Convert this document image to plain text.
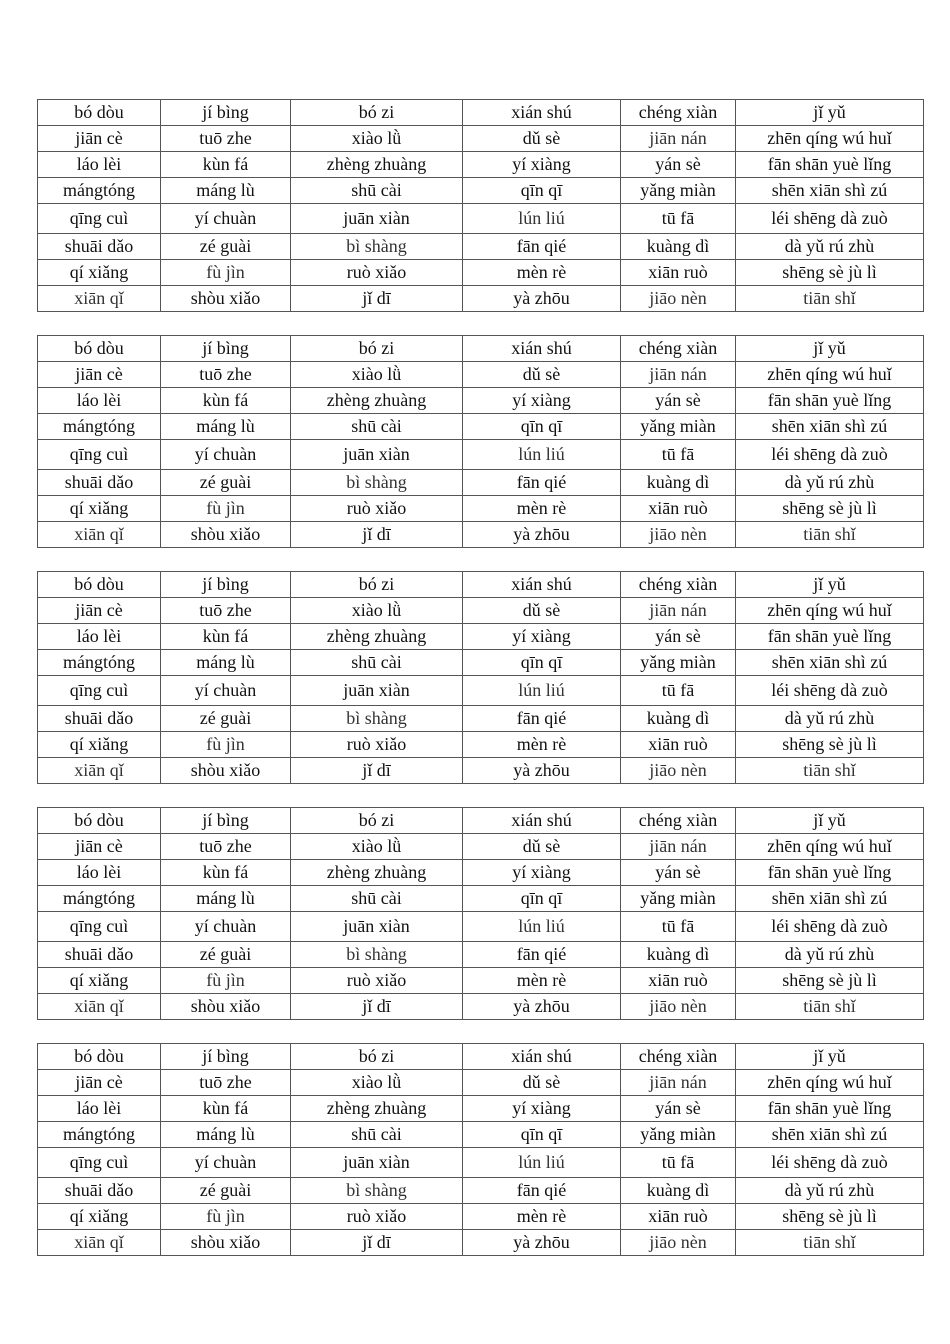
bó dòu	jí bìng	bó zi	xián shú	chéng xiàn	jǐ yǔ
jiān cè	tuō zhe	xiào lǜ	dǔ sè	jiān nán	zhēn qíng wú huǐ
láo lèi	kùn fá	zhèng zhuàng	yí xiàng	yán sè	fān shān yuè lǐng
mángtóng	máng lù	shū cài	qīn qī	yǎng miàn	shēn xiān shì zú
qīng cuì	yí chuàn	juān xiàn	lún liú	tū fā	léi shēng dà zuò
shuāi dǎo	zé guài	bì shàng	fān qié	kuàng dì	dà yǔ rú zhù
qí xiǎng	fù jìn	ruò xiǎo	mèn rè	xiān ruò	shēng sè jù lì
xiān qǐ	shòu xiǎo	jǐ dī	yà zhōu	jiāo nèn	tiān shǐ
bó dòu	jí bìng	bó zi	xián shú	chéng xiàn	jǐ yǔ
jiān cè	tuō zhe	xiào lǜ	dǔ sè	jiān nán	zhēn qíng wú huǐ
láo lèi	kùn fá	zhèng zhuàng	yí xiàng	yán sè	fān shān yuè lǐng
mángtóng	máng lù	shū cài	qīn qī	yǎng miàn	shēn xiān shì zú
qīng cuì	yí chuàn	juān xiàn	lún liú	tū fā	léi shēng dà zuò
shuāi dǎo	zé guài	bì shàng	fān qié	kuàng dì	dà yǔ rú zhù
qí xiǎng	fù jìn	ruò xiǎo	mèn rè	xiān ruò	shēng sè jù lì
xiān qǐ	shòu xiǎo	jǐ dī	yà zhōu	jiāo nèn	tiān shǐ
bó dòu	jí bìng	bó zi	xián shú	chéng xiàn	jǐ yǔ
jiān cè	tuō zhe	xiào lǜ	dǔ sè	jiān nán	zhēn qíng wú huǐ
láo lèi	kùn fá	zhèng zhuàng	yí xiàng	yán sè	fān shān yuè lǐng
mángtóng	máng lù	shū cài	qīn qī	yǎng miàn	shēn xiān shì zú
qīng cuì	yí chuàn	juān xiàn	lún liú	tū fā	léi shēng dà zuò
shuāi dǎo	zé guài	bì shàng	fān qié	kuàng dì	dà yǔ rú zhù
qí xiǎng	fù jìn	ruò xiǎo	mèn rè	xiān ruò	shēng sè jù lì
xiān qǐ	shòu xiǎo	jǐ dī	yà zhōu	jiāo nèn	tiān shǐ
bó dòu	jí bìng	bó zi	xián shú	chéng xiàn	jǐ yǔ
jiān cè	tuō zhe	xiào lǜ	dǔ sè	jiān nán	zhēn qíng wú huǐ
láo lèi	kùn fá	zhèng zhuàng	yí xiàng	yán sè	fān shān yuè lǐng
mángtóng	máng lù	shū cài	qīn qī	yǎng miàn	shēn xiān shì zú
qīng cuì	yí chuàn	juān xiàn	lún liú	tū fā	léi shēng dà zuò
shuāi dǎo	zé guài	bì shàng	fān qié	kuàng dì	dà yǔ rú zhù
qí xiǎng	fù jìn	ruò xiǎo	mèn rè	xiān ruò	shēng sè jù lì
xiān qǐ	shòu xiǎo	jǐ dī	yà zhōu	jiāo nèn	tiān shǐ
bó dòu	jí bìng	bó zi	xián shú	chéng xiàn	jǐ yǔ
jiān cè	tuō zhe	xiào lǜ	dǔ sè	jiān nán	zhēn qíng wú huǐ
láo lèi	kùn fá	zhèng zhuàng	yí xiàng	yán sè	fān shān yuè lǐng
mángtóng	máng lù	shū cài	qīn qī	yǎng miàn	shēn xiān shì zú
qīng cuì	yí chuàn	juān xiàn	lún liú	tū fā	léi shēng dà zuò
shuāi dǎo	zé guài	bì shàng	fān qié	kuàng dì	dà yǔ rú zhù
qí xiǎng	fù jìn	ruò xiǎo	mèn rè	xiān ruò	shēng sè jù lì
xiān qǐ	shòu xiǎo	jǐ dī	yà zhōu	jiāo nèn	tiān shǐ
